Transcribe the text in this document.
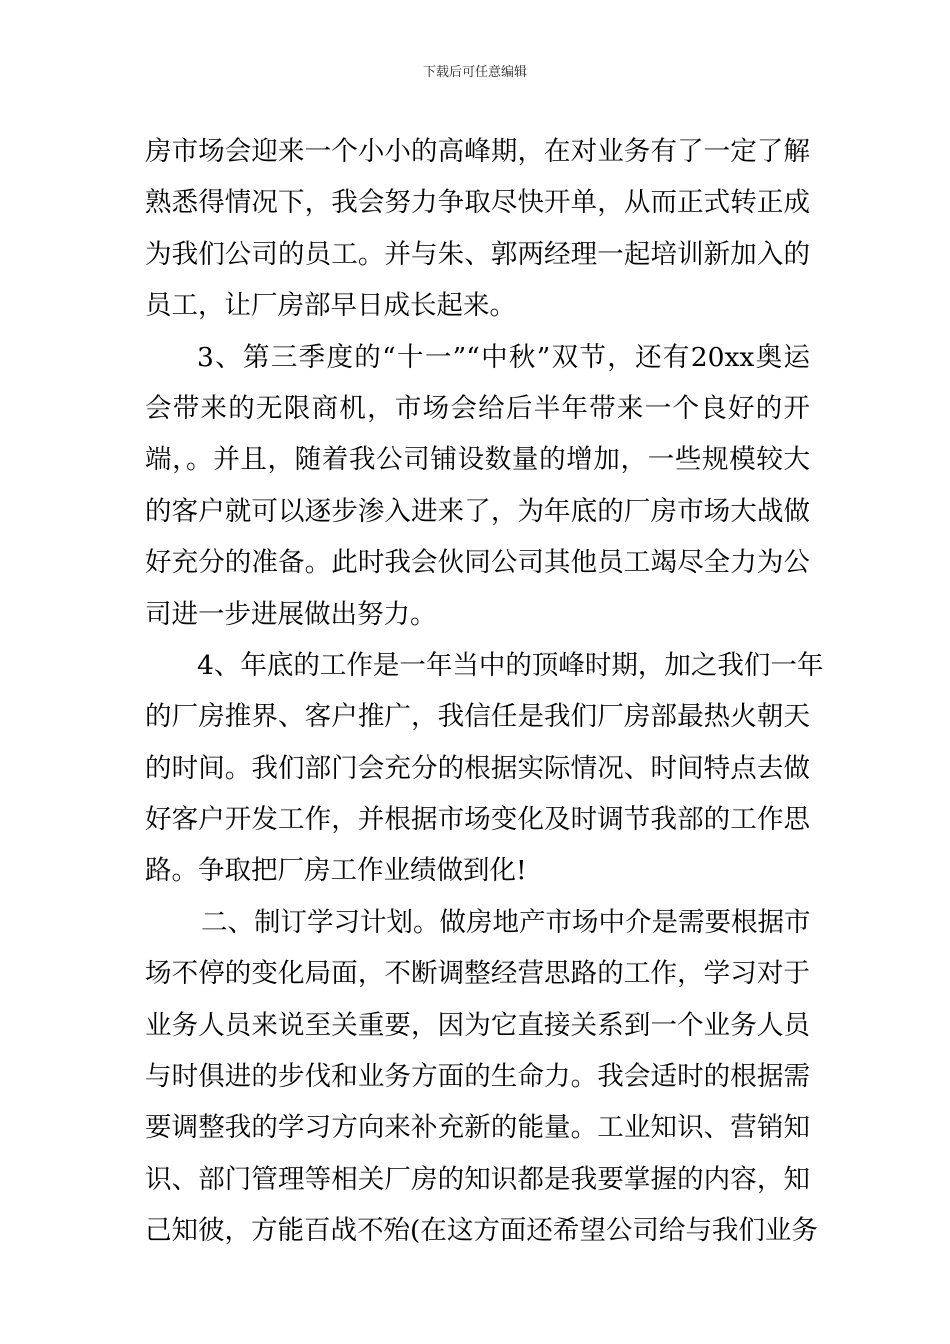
下载后可任意编辑
房市场会迎来一个小小的高峰期，在对业务有了一定了解
熟悉得情况下，我会努力争取尽快开单，从而正式转正成
为我们公司的员工。并与朱、郭两经理一起培训新加入的
员工，让厂房部早日成长起来。
3、第三季度的“十一”“中秋”双节，还有20xx奥运
会带来的无限商机，市场会给后半年带来一个良好的开
端，。并且，随着我公司铺设数量的增加，一些规模较大
的客户就可以逐步渗入进来了，为年底的厂房市场大战做
好充分的准备。此时我会伙同公司其他员工竭尽全力为公
司进一步进展做出努力。
4、年底的工作是一年当中的顶峰时期，加之我们一年
的厂房推界、客户推广，我信任是我们厂房部最热火朝天
的时间。我们部门会充分的根据实际情况、时间特点去做
好客户开发工作，并根据市场变化及时调节我部的工作思
路。争取把厂房工作业绩做到化!
二、制订学习计划。做房地产市场中介是需要根据市
场不停的变化局面，不断调整经营思路的工作，学习对于
业务人员来说至关重要，因为它直接关系到一个业务人员
与时俱进的步伐和业务方面的生命力。我会适时的根据需
要调整我的学习方向来补充新的能量。工业知识、营销知
识、部门管理等相关厂房的知识都是我要掌握的内容，知
己知彼，方能百战不殆(在这方面还希望公司给与我们业务
